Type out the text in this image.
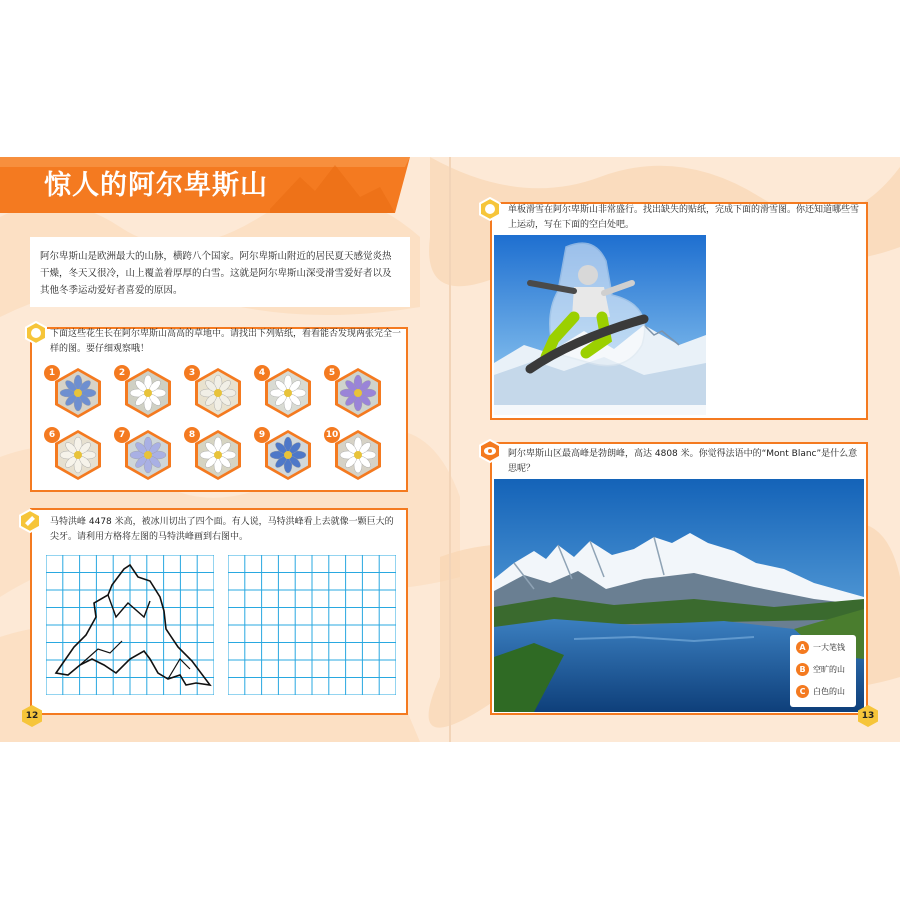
惊人的阿尔卑斯山
阿尔卑斯山是欧洲最大的山脉，横跨八个国家。阿尔卑斯山附近的居民夏天感觉炎热干燥，冬天又很冷，山上覆盖着厚厚的白雪。这就是阿尔卑斯山深受滑雪爱好者以及其他冬季运动爱好者喜爱的原因。
下面这些花生长在阿尔卑斯山高高的草地中。请找出下列贴纸，看看能否发现两张完全一样的图。要仔细观察哦！
马特洪峰 4478 米高，被冰川切出了四个面。有人说，马特洪峰看上去就像一颗巨大的尖牙。请利用方格将左图的马特洪峰画到右图中。
单板滑雪在阿尔卑斯山非常盛行。找出缺失的贴纸，完成下面的滑雪图。你还知道哪些雪上运动，写在下面的空白处吧。
阿尔卑斯山区最高峰是勃朗峰，高达 4808 米。你觉得法语中的“Mont Blanc”是什么意思呢？
A 一大笔钱
B 空旷的山
C 白色的山
12	13
1	2	3	4	5
6	7	8	9	10
